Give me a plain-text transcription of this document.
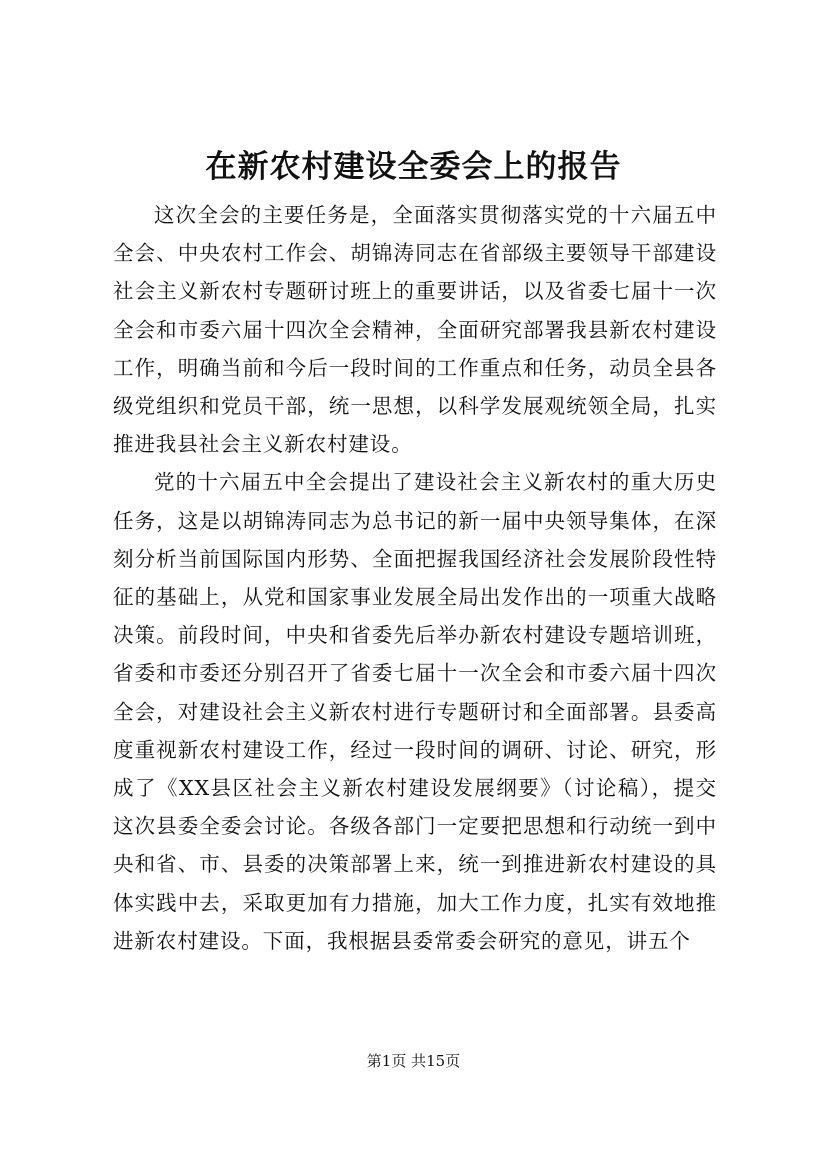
在新农村建设全委会上的报告

这次全会的主要任务是，全面落实贯彻落实党的十六届五中全会、中央农村工作会、胡锦涛同志在省部级主要领导干部建设社会主义新农村专题研讨班上的重要讲话，以及省委七届十一次全会和市委六届十四次全会精神，全面研究部署我县新农村建设工作，明确当前和今后一段时间的工作重点和任务，动员全县各级党组织和党员干部，统一思想，以科学发展观统领全局，扎实推进我县社会主义新农村建设。

党的十六届五中全会提出了建设社会主义新农村的重大历史任务，这是以胡锦涛同志为总书记的新一届中央领导集体，在深刻分析当前国际国内形势、全面把握我国经济社会发展阶段性特征的基础上，从党和国家事业发展全局出发作出的一项重大战略决策。前段时间，中央和省委先后举办新农村建设专题培训班，省委和市委还分别召开了省委七届十一次全会和市委六届十四次全会，对建设社会主义新农村进行专题研讨和全面部署。县委高度重视新农村建设工作，经过一段时间的调研、讨论、研究，形成了《XX县区社会主义新农村建设发展纲要》（讨论稿），提交这次县委全委会讨论。各级各部门一定要把思想和行动统一到中央和省、市、县委的决策部署上来，统一到推进新农村建设的具体实践中去，采取更加有力措施，加大工作力度，扎实有效地推进新农村建设。下面，我根据县委常委会研究的意见，讲五个

第1页 共15页
